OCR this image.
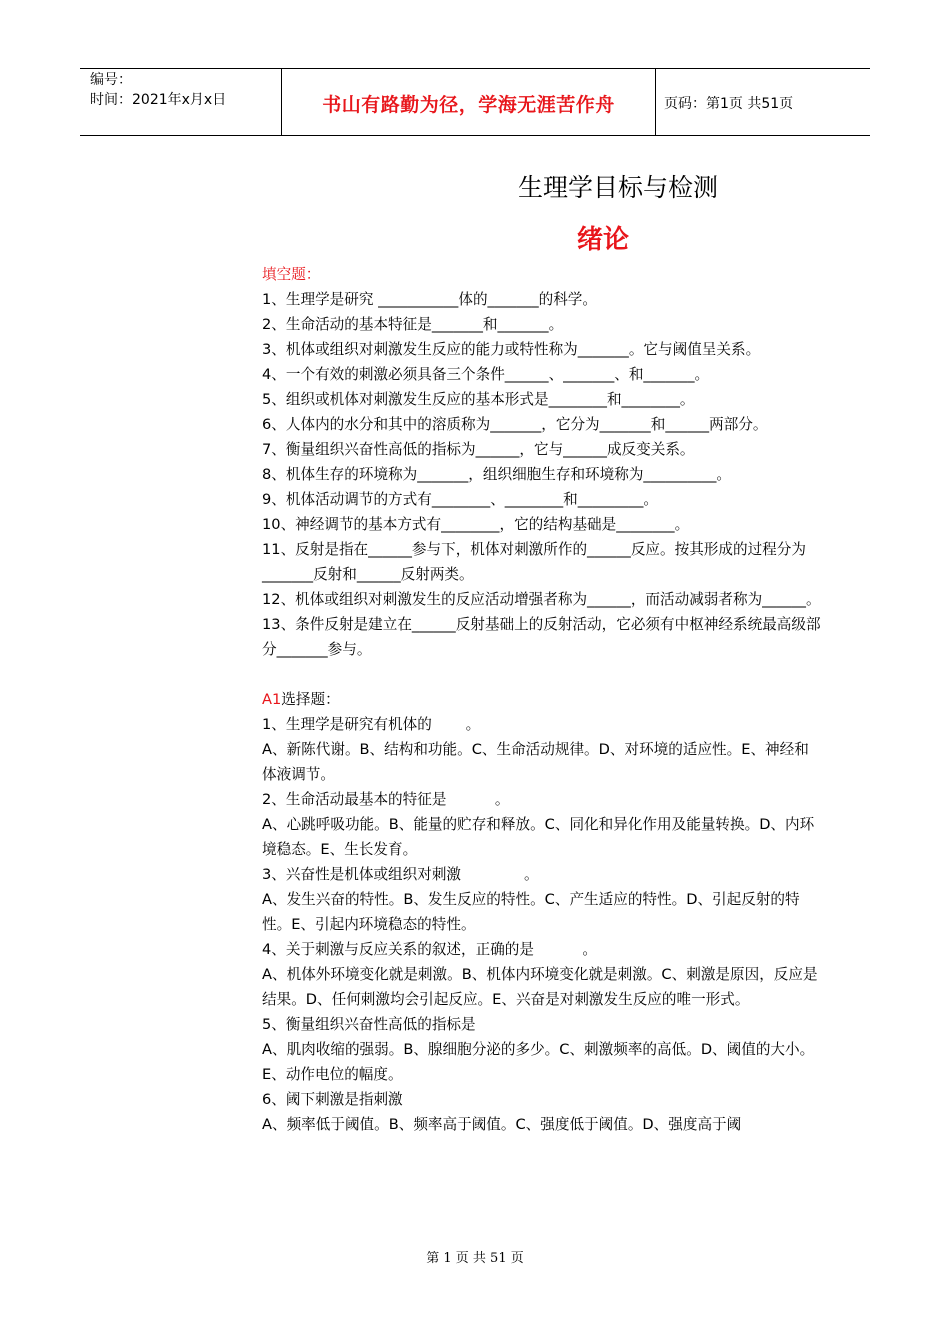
编号：
时间：2021年x月x日	书山有路勤为径，学海无涯苦作舟	页码：第1页 共51页
生理学目标与检测
绪论

填空题：

1、生理学是研究 ___________体的_______的科学。

2、生命活动的基本特征是_______和_______。

3、机体或组织对刺激发生反应的能力或特性称为_______。它与阈值呈关系。

4、一个有效的刺激必须具备三个条件______、_______、和_______。

5、组织或机体对刺激发生反应的基本形式是________和________。

6、人体内的水分和其中的溶质称为_______，它分为_______和______两部分。

7、衡量组织兴奋性高低的指标为______，它与______成反变关系。

8、机体生存的环境称为_______，组织细胞生存和环境称为__________。

9、机体活动调节的方式有________、________和_________。

10、神经调节的基本方式有________，它的结构基础是________。

11、反射是指在______参与下，机体对刺激所作的______反应。按其形成的过程分为_______反射和______反射两类。

12、机体或组织对刺激发生的反应活动增强者称为______，而活动减弱者称为______。

13、条件反射是建立在______反射基础上的反射活动，它必须有中枢神经系统最高级部分_______参与。

A1选择题：

1、生理学是研究有机体的 　　。

A、新陈代谢。B、结构和功能。C、生命活动规律。D、对环境的适应性。E、神经和体液调节。

2、生命活动最基本的特征是 　　　。

A、心跳呼吸功能。B、能量的贮存和释放。C、同化和异化作用及能量转换。D、内环境稳态。E、生长发育。

3、兴奋性是机体或组织对刺激 　　　　。

A、发生兴奋的特性。B、发生反应的特性。C、产生适应的特性。D、引起反射的特性。E、引起内环境稳态的特性。

4、关于刺激与反应关系的叙述，正确的是 　　　。

A、机体外环境变化就是刺激。B、机体内环境变化就是刺激。C、刺激是原因，反应是结果。D、任何刺激均会引起反应。E、兴奋是对刺激发生反应的唯一形式。

5、衡量组织兴奋性高低的指标是

A、肌肉收缩的强弱。B、腺细胞分泌的多少。C、刺激频率的高低。D、阈值的大小。E、动作电位的幅度。

6、阈下刺激是指刺激

A、频率低于阈值。B、频率高于阈值。C、强度低于阈值。D、强度高于阈

第 1 页 共 51 页
